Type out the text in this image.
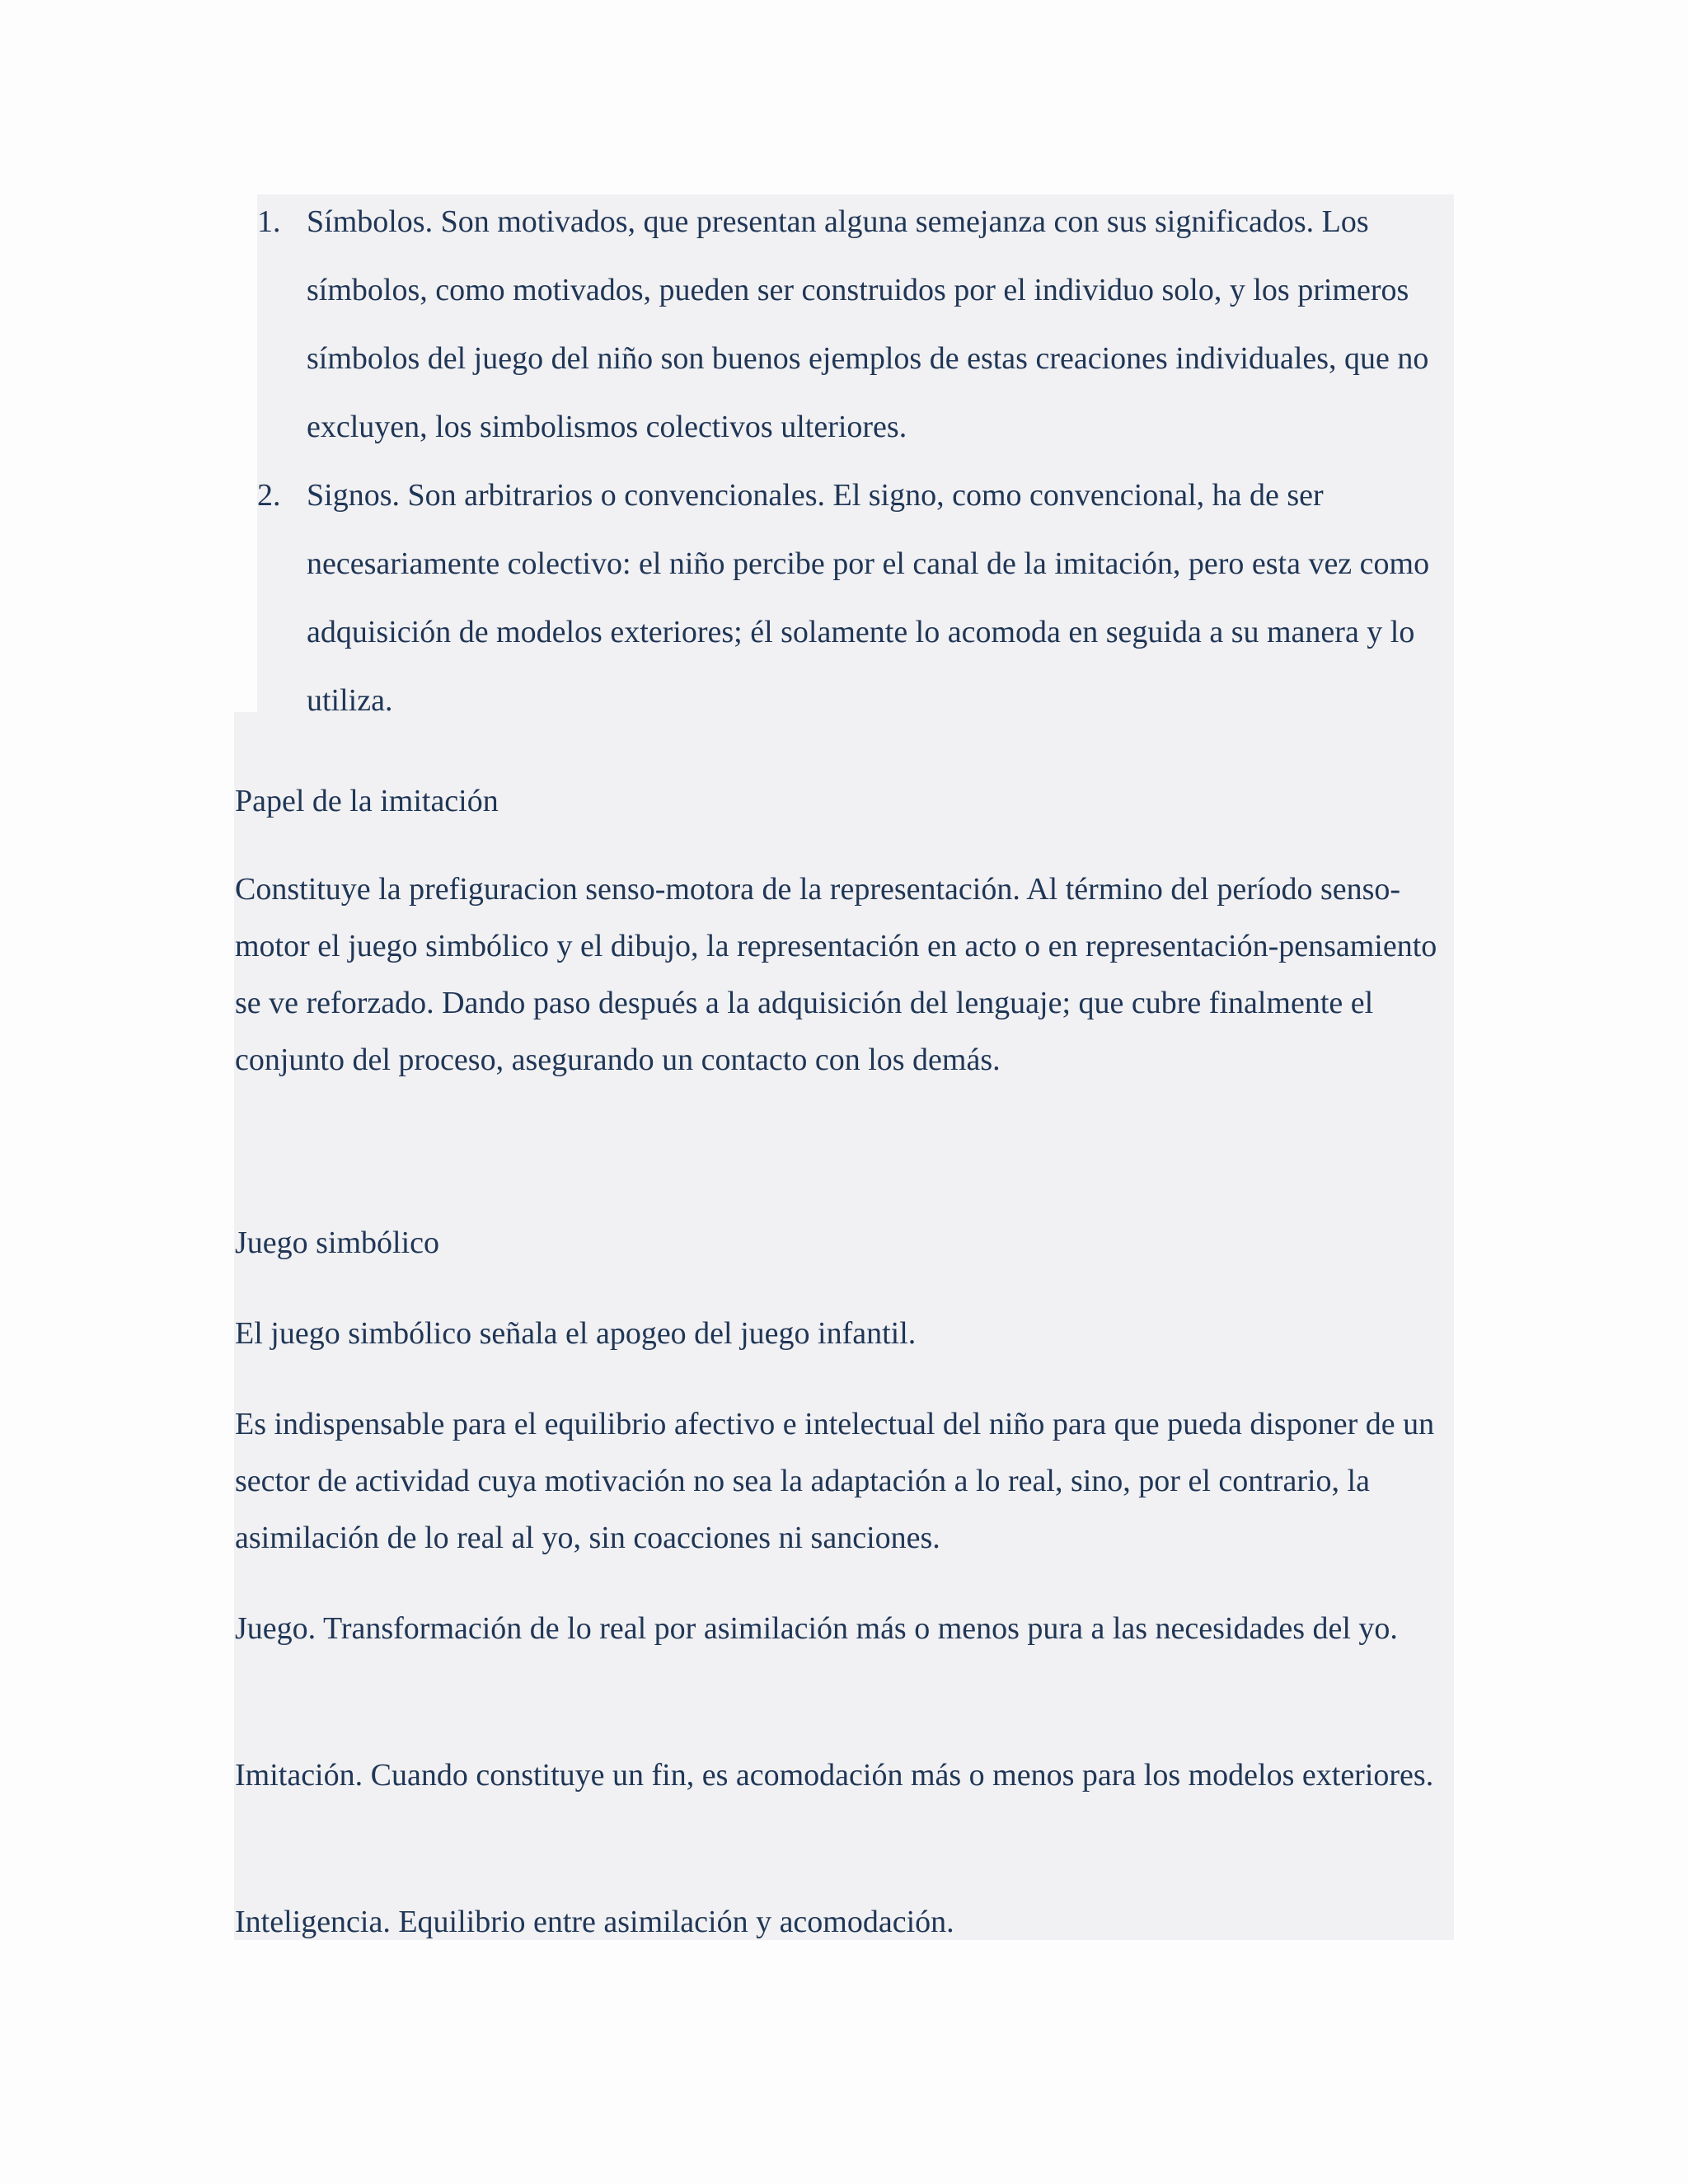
1. Símbolos. Son motivados, que presentan alguna semejanza con sus significados. Los símbolos, como motivados, pueden ser construidos por el individuo solo, y los primeros símbolos del juego del niño son buenos ejemplos de estas creaciones individuales, que no excluyen, los simbolismos colectivos ulteriores.
2. Signos. Son arbitrarios o convencionales. El signo, como convencional, ha de ser necesariamente colectivo: el niño percibe por el canal de la imitación, pero esta vez como adquisición de modelos exteriores; él solamente lo acomoda en seguida a su manera y lo utiliza.

Papel de la imitación

Constituye la prefiguracion senso-motora de la representación. Al término del período senso-motor el juego simbólico y el dibujo, la representación en acto o en representación-pensamiento se ve reforzado. Dando paso después a la adquisición del lenguaje; que cubre finalmente el conjunto del proceso, asegurando un contacto con los demás.

Juego simbólico

El juego simbólico señala el apogeo del juego infantil.

Es indispensable para el equilibrio afectivo e intelectual del niño para que pueda disponer de un sector de actividad cuya motivación no sea la adaptación a lo real, sino, por el contrario, la asimilación de lo real al yo, sin coacciones ni sanciones.

Juego. Transformación de lo real por asimilación más o menos pura a las necesidades del yo.

Imitación. Cuando constituye un fin, es acomodación más o menos para los modelos exteriores.

Inteligencia. Equilibrio entre asimilación y acomodación.
